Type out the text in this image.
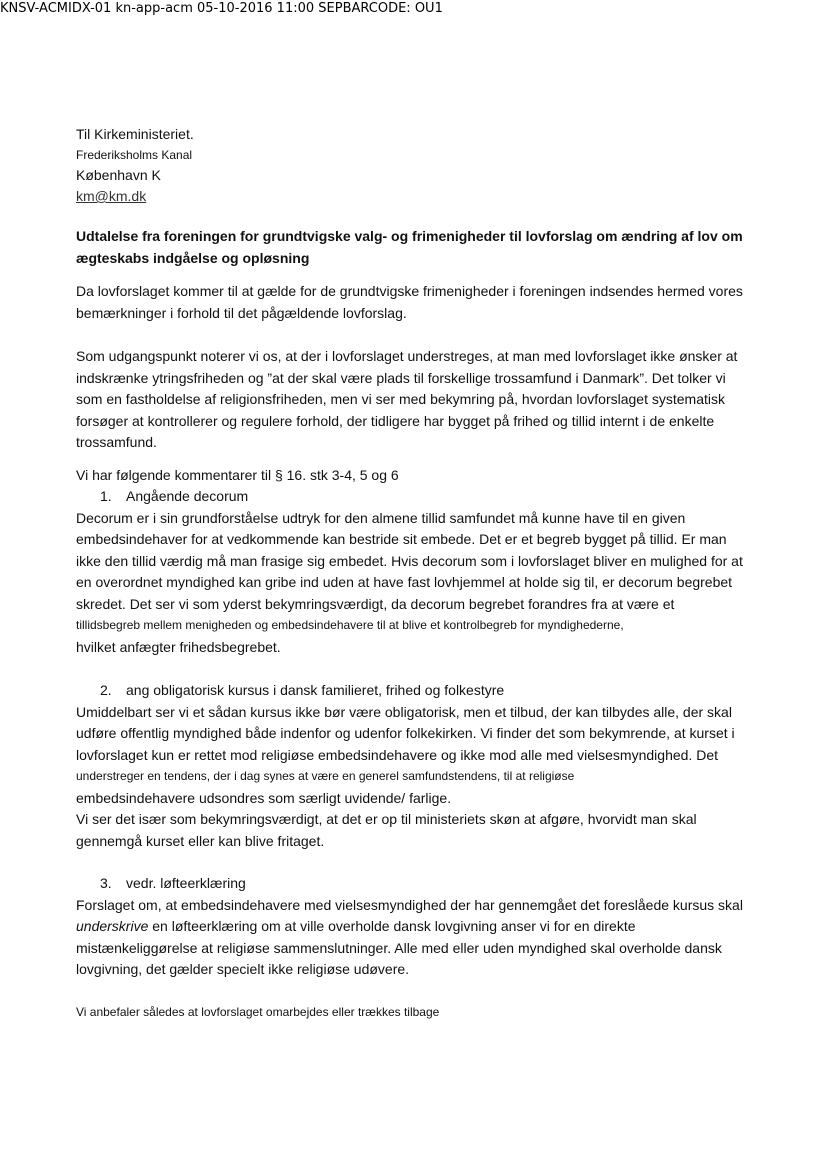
KNSV-ACMIDX-01 kn-app-acm 05-10-2016 11:00 SEPBARCODE: OU1
Til Kirkeministeriet.
Frederiksholms Kanal
København K
km@km.dk
Udtalelse fra foreningen for grundtvigske valg- og frimenigheder til lovforslag om ændring af lov om ægteskabs indgåelse og opløsning

Da lovforslaget kommer til at gælde for de grundtvigske frimenigheder i foreningen indsendes hermed vores bemærkninger i forhold til det pågældende lovforslag.

Som udgangspunkt noterer vi os, at der i lovforslaget understreges, at man med lovforslaget ikke ønsker at indskrænke ytringsfriheden og ”at der skal være plads til forskellige trossamfund i Danmark”. Det tolker vi som en fastholdelse af religionsfriheden, men vi ser med bekymring på, hvordan lovforslaget systematisk forsøger at kontrollerer og regulere forhold, der tidligere har bygget på frihed og tillid internt i de enkelte trossamfund.

Vi har følgende kommentarer til § 16. stk 3-4, 5 og 6

1. Angående decorum
Decorum er i sin grundforståelse udtryk for den almene tillid samfundet må kunne have til en given embedsindehaver for at vedkommende kan bestride sit embede. Det er et begreb bygget på tillid. Er man ikke den tillid værdig må man frasige sig embedet. Hvis decorum som i lovforslaget bliver en mulighed for at en overordnet myndighed kan gribe ind uden at have fast lovhjemmel at holde sig til, er decorum begrebet skredet. Det ser vi som yderst bekymringsværdigt, da decorum begrebet forandres fra at være et
tillidsbegreb mellem menigheden og embedsindehavere til at blive et kontrolbegreb for myndighederne,
hvilket anfægter frihedsbegrebet.
2. ang obligatorisk kursus i dansk familieret, frihed og folkestyre
Umiddelbart ser vi et sådan kursus ikke bør være obligatorisk, men et tilbud, der kan tilbydes alle, der skal udføre offentlig myndighed både indenfor og udenfor folkekirken. Vi finder det som bekymrende, at kurset i lovforslaget kun er rettet mod religiøse embedsindehavere og ikke mod alle med vielsesmyndighed. Det
understreger en tendens, der i dag synes at være en generel samfundstendens, til at religiøse
embedsindehavere udsondres som særligt uvidende/ farlige.
Vi ser det især som bekymringsværdigt, at det er op til ministeriets skøn at afgøre, hvorvidt man skal gennemgå kurset eller kan blive fritaget.
3. vedr. løfteerklæring
Forslaget om, at embedsindehavere med vielsesmyndighed der har gennemgået det foreslåede kursus skal underskrive en løfteerklæring om at ville overholde dansk lovgivning anser vi for en direkte mistænkeliggørelse at religiøse sammenslutninger. Alle med eller uden myndighed skal overholde dansk lovgivning, det gælder specielt ikke religiøse udøvere.
Vi anbefaler således at lovforslaget omarbejdes eller trækkes tilbage
